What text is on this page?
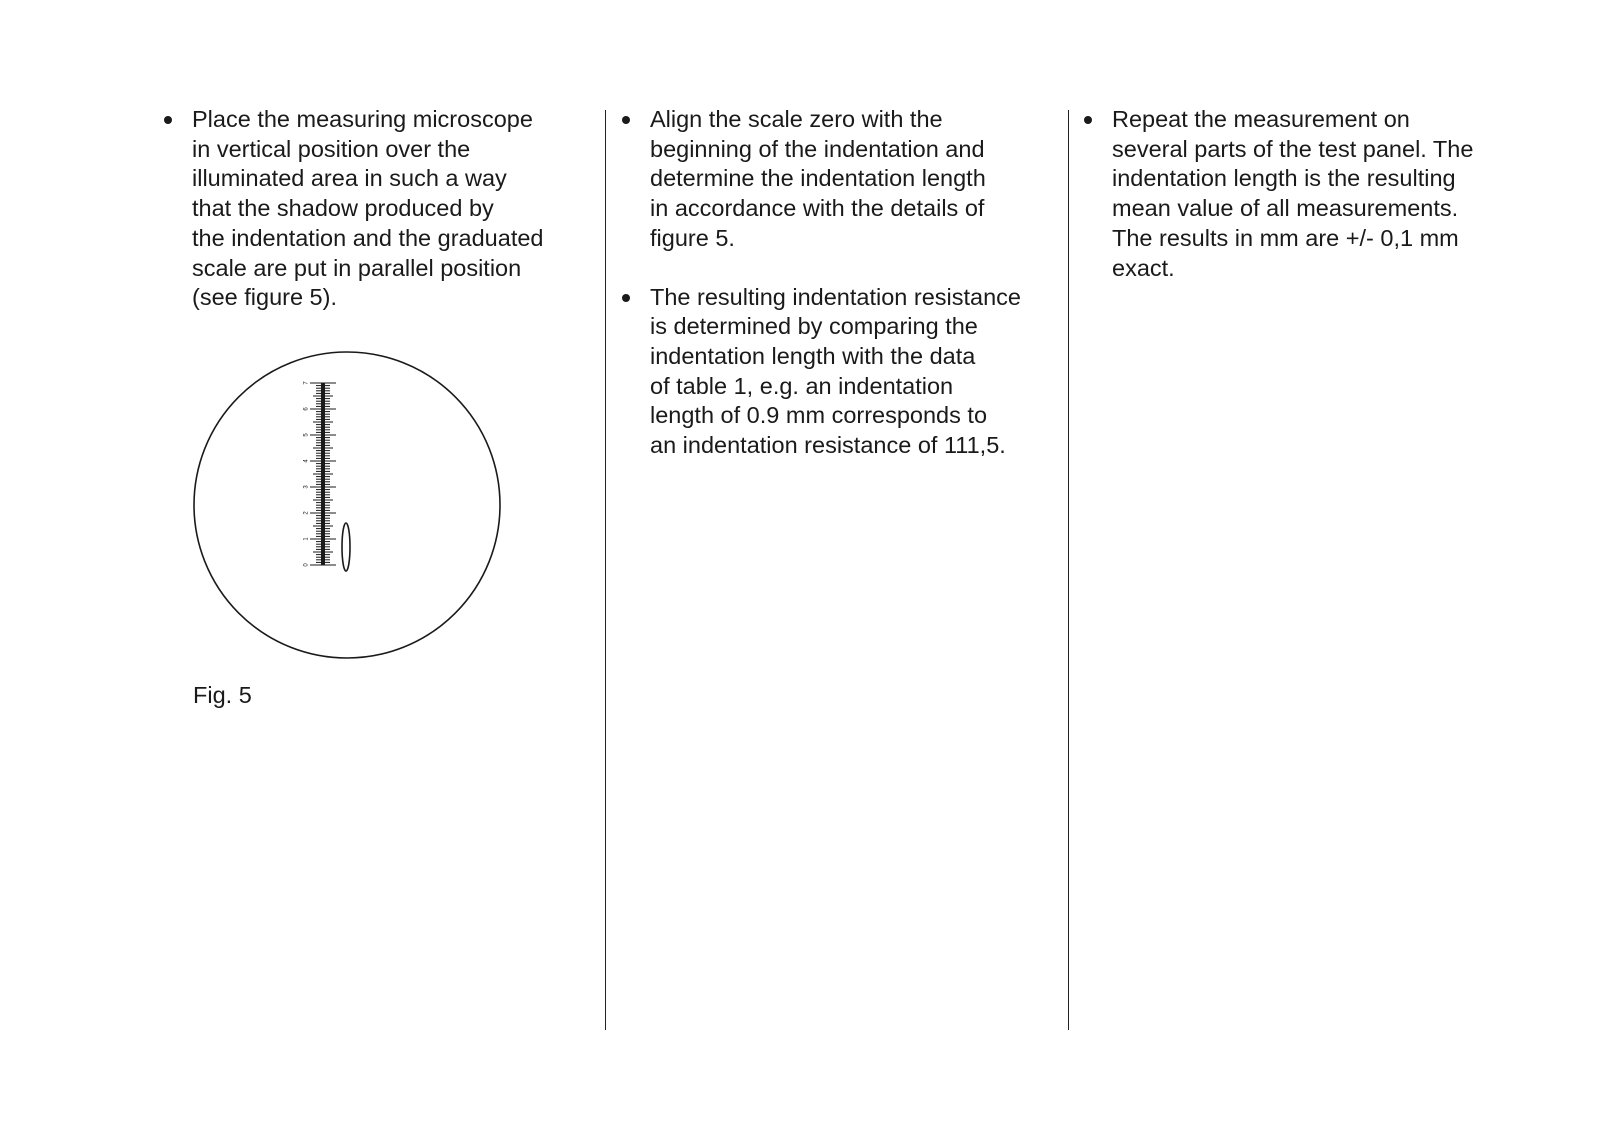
Place the measuring microscope
in vertical position over the
illuminated area in such a way
that the shadow produced by
the indentation and the graduated
scale are put in parallel position
(see figure 5).
Align the scale zero with the
beginning of the indentation and
determine the indentation length
in accordance with the details of
figure 5.
The resulting indentation resistance
is determined by comparing the
indentation length with the data
of table 1, e.g. an indentation
length of 0.9 mm corresponds to
an indentation resistance of 111,5.
Repeat the measurement on
several parts of the test panel. The
indentation length is the resulting
mean value of all measurements.
The results in mm are +/- 0,1 mm
exact.
0
1
2
3
4
5
6
7
Fig. 5
